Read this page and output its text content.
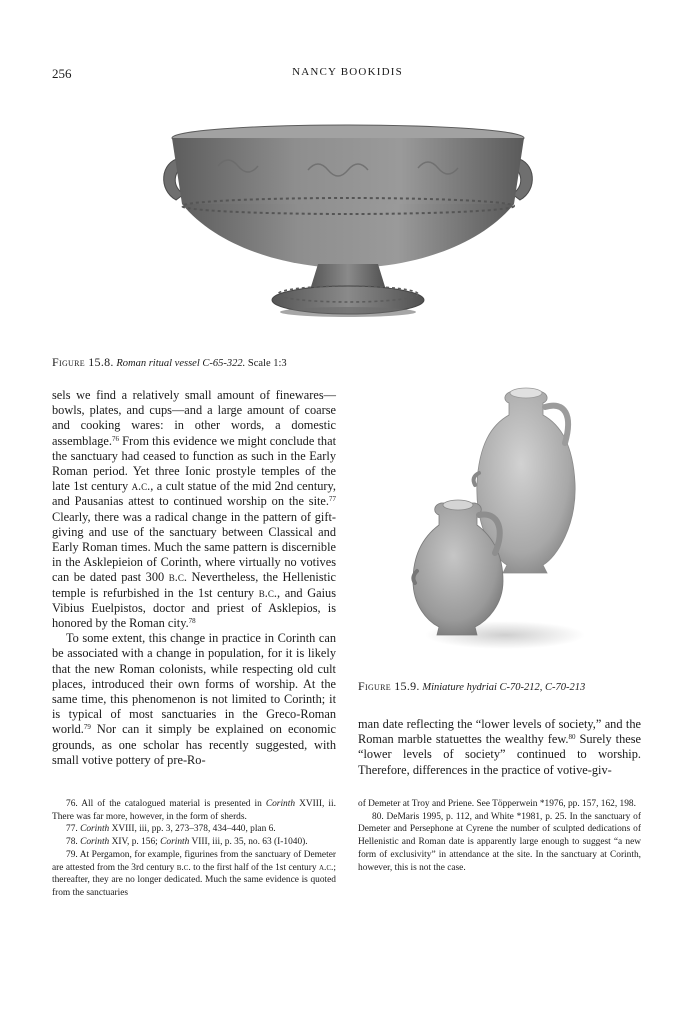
256	NANCY BOOKIDIS
Figure 15.8. Roman ritual vessel C-65-322. Scale 1:3
Figure 15.9. Miniature hydriai C-70-212, C-70-213

sels we find a relatively small amount of finewares—bowls, plates, and cups—and a large amount of coarse and cooking wares: in other words, a domestic assemblage.$^{76}$ From this evidence we might conclude that the sanctuary had ceased to function as such in the Early Roman period. Yet three Ionic prostyle temples of the late 1st century a.c., a cult statue of the mid 2nd century, and Pausanias attest to continued worship on the site.$^{77}$ Clearly, there was a radical change in the pattern of gift-giving and use of the sanctuary between Classical and Early Roman times. Much the same pattern is discernible in the Asklepieion of Corinth, where virtually no votives can be dated past 300 b.c. Nevertheless, the Hellenistic temple is refurbished in the 1st century b.c., and Gaius Vibius Euelpistos, doctor and priest of Asklepios, is honored by the Roman city.$^{78}$

To some extent, this change in practice in Corinth can be associated with a change in population, for it is likely that the new Roman colonists, while respecting old cult places, introduced their own forms of worship. At the same time, this phenomenon is not limited to Corinth; it is typical of most sanctuaries in the Greco-Roman world.$^{79}$ Nor can it simply be explained on economic grounds, as one scholar has recently suggested, with small votive pottery of pre-Ro-

man date reflecting the “lower levels of society,” and the Roman marble statuettes the wealthy few.$^{80}$ Surely these “lower levels of society” continued to worship. Therefore, differences in the practice of votive-giv-

76. All of the catalogued material is presented in Corinth XVIII, ii. There was far more, however, in the form of sherds.

77. Corinth XVIII, iii, pp. 3, 273–378, 434–440, plan 6.

78. Corinth XIV, p. 156; Corinth VIII, iii, p. 35, no. 63 (I-1040).

79. At Pergamon, for example, figurines from the sanctuary of Demeter are attested from the 3rd century b.c. to the first half of the 1st century a.c.; thereafter, they are no longer dedicated. Much the same evidence is quoted from the sanctuaries

of Demeter at Troy and Priene. See Töpperwein *1976, pp. 157, 162, 198.

80. DeMaris 1995, p. 112, and White *1981, p. 25. In the sanctuary of Demeter and Persephone at Cyrene the number of sculpted dedications of Hellenistic and Roman date is apparently large enough to suggest “a new form of exclusivity” in attendance at the site. In the sanctuary at Corinth, however, this is not the case.
